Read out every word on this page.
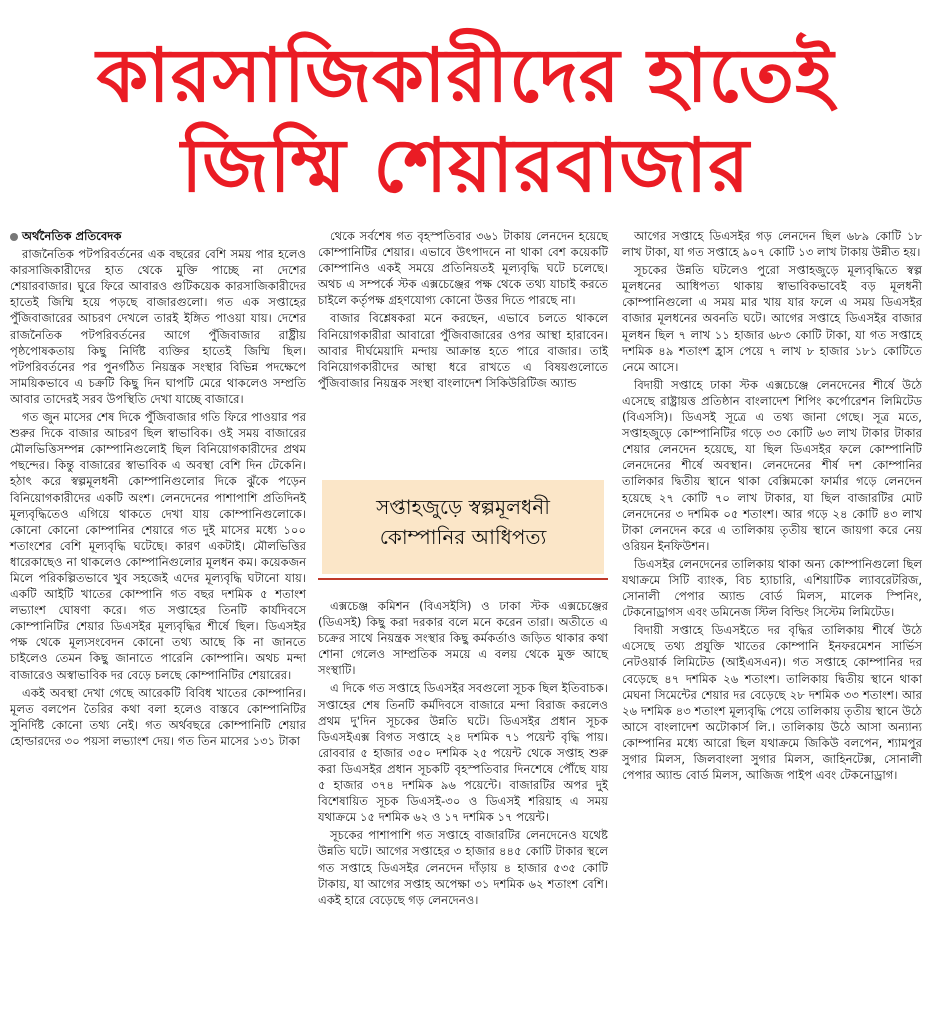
কারসাজিকারীদের হাতেই
জিম্মি শেয়ারবাজার
অর্থনৈতিক প্রতিবেদক

রাজনৈতিক পটপরিবর্তনের এক বছরের বেশি সময় পার হলেও কারসাজিকারীদের হাত থেকে মুক্তি পাচ্ছে না দেশের শেয়ারবাজার। ঘুরে ফিরে আবারও গুটিকয়েক কারসাজিকারীদের হাতেই জিম্মি হয়ে পড়ছে বাজারগুলো। গত এক সপ্তাহের পুঁজিবাজারের আচরণ দেখলে তারই ইঙ্গিত পাওয়া যায়। দেশের রাজনৈতিক পটপরিবর্তনের আগে পুঁজিবাজার রাষ্ট্রীয় পৃষ্ঠপোষকতায় কিছু নির্দিষ্ট ব্যক্তির হাতেই জিম্মি ছিল। পটপরিবর্তনের পর পুনর্গঠিত নিয়ন্ত্রক সংস্থার বিভিন্ন পদক্ষেপে সাময়িকভাবে এ চক্রটি কিছু দিন ঘাপটি মেরে থাকলেও সম্প্রতি আবার তাদেরই সরব উপস্থিতি দেখা যাচ্ছে বাজারে।

গত জুন মাসের শেষ দিকে পুঁজিবাজার গতি ফিরে পাওয়ার পর শুরুর দিকে বাজার আচরণ ছিল স্বাভাবিক। ওই সময় বাজারের মৌলভিত্তিসম্পন্ন কোম্পানিগুলোই ছিল বিনিয়োগকারীদের প্রথম পছন্দের। কিন্তু বাজারের স্বাভাবিক এ অবস্থা বেশি দিন টেকেনি। হঠাৎ করে স্বল্পমূলধনী কোম্পানিগুলোর দিকে ঝুঁকে পড়েন বিনিয়োগকারীদের একটি অংশ। লেনদেনের পাশাপাশি প্রতিদিনই মূল্যবৃদ্ধিতেও এগিয়ে থাকতে দেখা যায় কোম্পানিগুলোকে। কোনো কোনো কোম্পানির শেয়ারে গত দুই মাসের মধ্যে ১০০ শতাংশের বেশি মূল্যবৃদ্ধি ঘটেছে। কারণ একটাই। মৌলভিত্তির ধারেকাছেও না থাকলেও কোম্পানিগুলোর মূলধন কম। কয়েকজন মিলে পরিকল্পিতভাবে খুব সহজেই এদের মূল্যবৃদ্ধি ঘটানো যায়। একটি আইটি খাতের কোম্পানি গত বছর দশমিক ৫ শতাংশ লভ্যাংশ ঘোষণা করে। গত সপ্তাহের তিনটি কার্যদিবসে কোম্পানিটির শেয়ার ডিএসইর মূল্যবৃদ্ধির শীর্ষে ছিল। ডিএসইর পক্ষ থেকে মূল্যসংবেদন কোনো তথ্য আছে কি না জানতে চাইলেও তেমন কিছু জানাতে পারেনি কোম্পানি। অথচ মন্দা বাজারেও অস্বাভাবিক দর বেড়ে চলছে কোম্পানিটির শেয়ারের।

একই অবস্থা দেখা গেছে আরেকটি বিবিধ খাতের কোম্পানির। মূলত বলপেন তৈরির কথা বলা হলেও বাস্তবে কোম্পানিটির সুনির্দিষ্ট কোনো তথ্য নেই। গত অর্থবছরে কোম্পানিটি শেয়ার হোল্ডারদের ৩০ পয়সা লভ্যাংশ দেয়। গত তিন মাসের ১৩১ টাকা

থেকে সর্বশেষ গত বৃহস্পতিবার ৩৬১ টাকায় লেনদেন হয়েছে কোম্পানিটির শেয়ার। এভাবে উৎপাদনে না থাকা বেশ কয়েকটি কোম্পানিও একই সময়ে প্রতিনিয়তই মূল্যবৃদ্ধি ঘটে চলেছে। অথচ এ সম্পর্কে স্টক এক্সচেঞ্জের পক্ষ থেকে তথ্য যাচাই করতে চাইলে কর্তৃপক্ষ গ্রহণযোগ্য কোনো উত্তর দিতে পারছে না।

বাজার বিশ্লেষকরা মনে করছেন, এভাবে চলতে থাকলে বিনিয়োগকারীরা আবারো পুঁজিবাজারের ওপর আস্থা হারাবেন। আবার দীর্ঘমেয়াদি মন্দায় আক্রান্ত হতে পারে বাজার। তাই বিনিয়োগকারীদের আস্থা ধরে রাখতে এ বিষয়গুলোতে পুঁজিবাজার নিয়ন্ত্রক সংস্থা বাংলাদেশ সিকিউরিটিজ অ্যান্ড

সপ্তাহজুড়ে স্বল্পমূলধনী
কোম্পানির আধিপত্য

এক্সচেঞ্জ কমিশন (বিএসইসি) ও ঢাকা স্টক এক্সচেঞ্জের (ডিএসই) কিছু করা দরকার বলে মনে করেন তারা। অতীতে এ চক্রের সাথে নিয়ন্ত্রক সংস্থার কিছু কর্মকর্তাও জড়িত থাকার কথা শোনা গেলেও সাম্প্রতিক সময়ে এ বলয় থেকে মুক্ত আছে সংস্থাটি।

এ দিকে গত সপ্তাহে ডিএসইর সবগুলো সূচক ছিল ইতিবাচক। সপ্তাহের শেষ তিনটি কর্মদিবসে বাজারে মন্দা বিরাজ করলেও প্রথম দু'দিন সূচকের উন্নতি ঘটে। ডিএসইর প্রধান সূচক ডিএসইএক্স বিগত সপ্তাহে ২৪ দশমিক ৭১ পয়েন্ট বৃদ্ধি পায়। রোববার ৫ হাজার ৩৫০ দশমিক ২৫ পয়েন্ট থেকে সপ্তাহ শুরু করা ডিএসইর প্রধান সূচকটি বৃহস্পতিবার দিনশেষে পৌঁছে যায় ৫ হাজার ৩৭৪ দশমিক ৯৬ পয়েন্টে। বাজারটির অপর দুই বিশেষায়িত সূচক ডিএসই-৩০ ও ডিএসই শরিয়াহ এ সময় যথাক্রমে ১৫ দশমিক ৬২ ও ১৭ দশমিক ১৭ পয়েন্ট।

সূচকের পাশাপাশি গত সপ্তাহে বাজারটির লেনদেনেও যথেষ্ট উন্নতি ঘটে। আগের সপ্তাহের ৩ হাজার ৪৪৫ কোটি টাকার স্থলে গত সপ্তাহে ডিএসইর লেনদেন দাঁড়ায় ৪ হাজার ৫৩৫ কোটি টাকায়, যা আগের সপ্তাহ অপেক্ষা ৩১ দশমিক ৬২ শতাংশ বেশি। একই হারে বেড়েছে গড় লেনদেনও।

আগের সপ্তাহে ডিএসইর গড় লেনদেন ছিল ৬৮৯ কোটি ১৮ লাখ টাকা, যা গত সপ্তাহে ৯০৭ কোটি ১৩ লাখ টাকায় উন্নীত হয়।

সূচকের উন্নতি ঘটলেও পুরো সপ্তাহজুড়ে মূল্যবৃদ্ধিতে স্বল্প মূলধনের আধিপত্য থাকায় স্বাভাবিকভাবেই বড় মূলধনী কোম্পানিগুলো এ সময় মার খায় যার ফলে এ সময় ডিএসইর বাজার মূলধনের অবনতি ঘটে। আগের সপ্তাহে ডিএসইর বাজার মূলধন ছিল ৭ লাখ ১১ হাজার ৬৮৩ কোটি টাকা, যা গত সপ্তাহে দশমিক ৪৯ শতাংশ হ্রাস পেয়ে ৭ লাখ ৮ হাজার ১৮১ কোটিতে নেমে আসে।

বিদায়ী সপ্তাহে ঢাকা স্টক এক্সচেঞ্জে লেনদেনের শীর্ষে উঠে এসেছে রাষ্ট্রায়ত্ত প্রতিষ্ঠান বাংলাদেশ শিপিং কর্পোরেশন লিমিটেড (বিএসসি)। ডিএসই সূত্রে এ তথ্য জানা গেছে। সূত্র মতে, সপ্তাহজুড়ে কোম্পানিটির গড়ে ৩৩ কোটি ৬৩ লাখ টাকার টাকার শেয়ার লেনদেন হয়েছে, যা ছিল ডিএসইর ফলে কোম্পানিটি লেনদেনের শীর্ষে অবস্থান। লেনদেনের শীর্ষ দশ কোম্পানির তালিকার দ্বিতীয় স্থানে থাকা বেক্সিমকো ফার্মার গড়ে লেনদেন হয়েছে ২৭ কোটি ৭০ লাখ টাকার, যা ছিল বাজারটির মোট লেনদেনের ৩ দশমিক ০৫ শতাংশ। আর গড়ে ২৪ কোটি ৪৩ লাখ টাকা লেনদেন করে এ তালিকায় তৃতীয় স্থানে জায়গা করে নেয় ওরিয়ন ইনফিউশন।

ডিএসইর লেনদেনের তালিকায় থাকা অন্য কোম্পানিগুলো ছিল যথাক্রমে সিটি ব্যাংক, বিচ হ্যাচারি, এশিয়াটিক ল্যাবরেটরিজ, সোনালী পেপার অ্যান্ড বোর্ড মিলস, মালেক স্পিনিং, টেকনোড্রাগস এবং ডমিনেজ স্টিল বিল্ডিং সিস্টেম লিমিটেড।

বিদায়ী সপ্তাহে ডিএসইতে দর বৃদ্ধির তালিকায় শীর্ষে উঠে এসেছে তথ্য প্রযুক্তি খাতের কোম্পানি ইনফরমেশন সার্ভিস নেটওয়ার্ক লিমিটেড (আইএসএন)। গত সপ্তাহে কোম্পানির দর বেড়েছে ৪৭ দশমিক ২৬ শতাংশ। তালিকায় দ্বিতীয় স্থানে থাকা মেঘনা সিমেন্টের শেয়ার দর বেড়েছে ২৮ দশমিক ৩৩ শতাংশ। আর ২৬ দশমিক ৪৩ শতাংশ মূল্যবৃদ্ধি পেয়ে তালিকায় তৃতীয় স্থানে উঠে আসে বাংলাদেশ অটোকার্স লি.। তালিকায় উঠে আসা অন্যান্য কোম্পানির মধ্যে আরো ছিল যথাক্রমে জিকিউ বলপেন, শ্যামপুর সুগার মিলস, জিলবাংলা সুগার মিলস, জাহিনটেক্স, সোনালী পেপার অ্যান্ড বোর্ড মিলস, আজিজ পাইপ এবং টেকনোড্রাগ।
